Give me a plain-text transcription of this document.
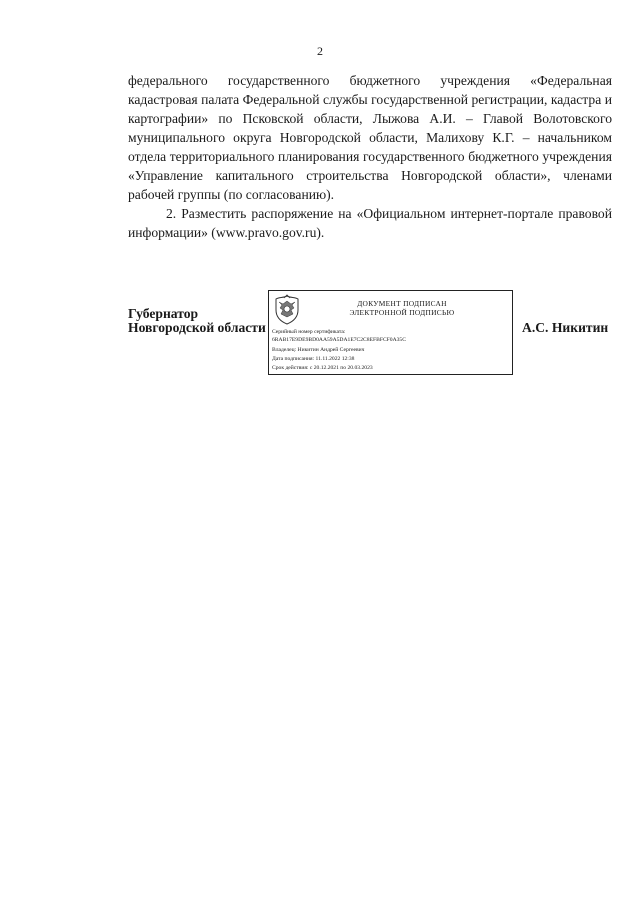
2

федерального государственного бюджетного учреждения «Федеральная кадастровая палата Федеральной службы государственной регистрации, кадастра и картографии» по Псковской области, Лыжова А.И. – Главой Волотовского муниципального округа Новгородской области, Малихову К.Г. – начальником отдела территориального планирования государственного бюджетного учреждения «Управление капитального строительства Новгородской области», членами рабочей группы (по согласованию).

2. Разместить распоряжение на «Официальном интернет-портале правовой информации» (www.pravo.gov.ru).

Губернатор
Новгородской области
ДОКУМЕНТ ПОДПИСАН
ЭЛЕКТРОННОЙ ПОДПИСЬЮ
Серийный номер сертификата:
6RAB17E9DE9BD0AA59A5DA1E7C2C8EFBFCF0A35C
Владелец: Никитин Андрей Сергеевич
Дата подписания: 11.11.2022 12:38
Срок действия: с 20.12.2021 по 20.03.2023
А.С. Никитин
